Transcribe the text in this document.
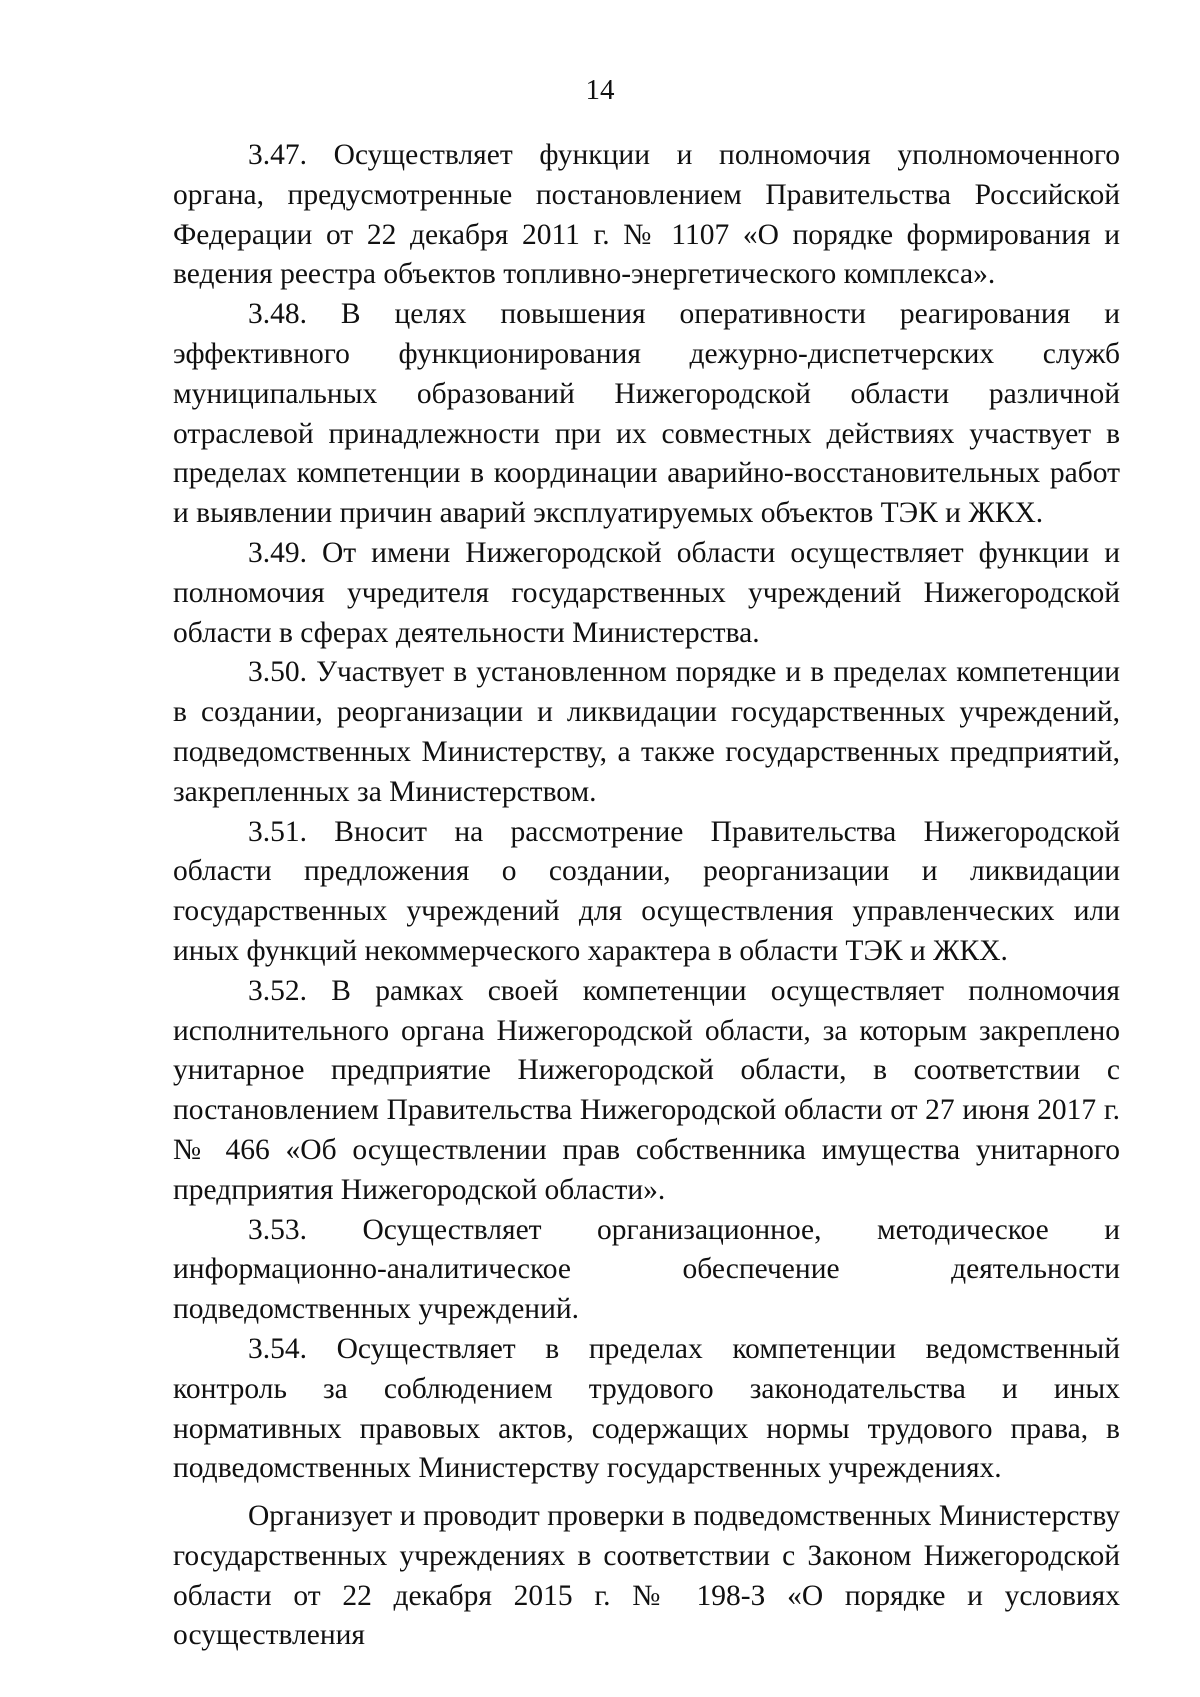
14

3.47. Осуществляет функции и полномочия уполномоченного органа, предусмотренные постановлением Правительства Российской Федерации от 22 декабря 2011 г. № 1107 «О порядке формирования и ведения реестра объектов топливно-энергетического комплекса».

3.48. В целях повышения оперативности реагирования и эффективного функционирования дежурно-диспетчерских служб муниципальных образований Нижегородской области различной отраслевой принадлежности при их совместных действиях участвует в пределах компетенции в координации аварийно-восстановительных работ и выявлении причин аварий эксплуатируемых объектов ТЭК и ЖКХ.

3.49. От имени Нижегородской области осуществляет функции и полномочия учредителя государственных учреждений Нижегородской области в сферах деятельности Министерства.

3.50. Участвует в установленном порядке и в пределах компетенции в создании, реорганизации и ликвидации государственных учреждений, подведомственных Министерству, а также государственных предприятий, закрепленных за Министерством.

3.51. Вносит на рассмотрение Правительства Нижегородской области предложения о создании, реорганизации и ликвидации государственных учреждений для осуществления управленческих или иных функций некоммерческого характера в области ТЭК и ЖКХ.

3.52. В рамках своей компетенции осуществляет полномочия исполнительного органа Нижегородской области, за которым закреплено унитарное предприятие Нижегородской области, в соответствии с постановлением Правительства Нижегородской области от 27 июня 2017 г. № 466 «Об осуществлении прав собственника имущества унитарного предприятия Нижегородской области».

3.53. Осуществляет организационное, методическое и информационно-аналитическое обеспечение деятельности подведомственных учреждений.

3.54. Осуществляет в пределах компетенции ведомственный контроль за соблюдением трудового законодательства и иных нормативных правовых актов, содержащих нормы трудового права, в подведомственных Министерству государственных учреждениях.

Организует и проводит проверки в подведомственных Министерству государственных учреждениях в соответствии с Законом Нижегородской области от 22 декабря 2015 г. № 198-З «О порядке и условиях осуществления
